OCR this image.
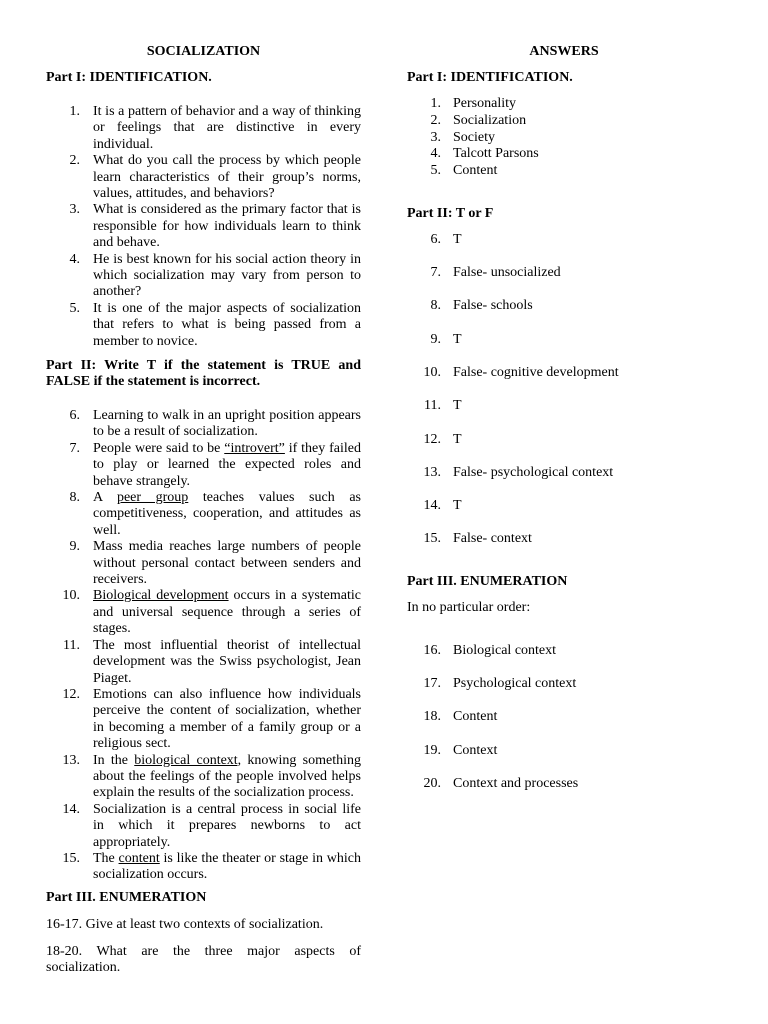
SOCIALIZATION
Part I: IDENTIFICATION.
1. It is a pattern of behavior and a way of thinking or feelings that are distinctive in every individual.
2. What do you call the process by which people learn characteristics of their group’s norms, values, attitudes, and behaviors?
3. What is considered as the primary factor that is responsible for how individuals learn to think and behave.
4. He is best known for his social action theory in which socialization may vary from person to another?
5. It is one of the major aspects of socialization that refers to what is being passed from a member to novice.
Part II: Write T if the statement is TRUE and FALSE if the statement is incorrect.
6. Learning to walk in an upright position appears to be a result of socialization.
7. People were said to be “introvert” if they failed to play or learned the expected roles and behave strangely.
8. A peer group teaches values such as competitiveness, cooperation, and attitudes as well.
9. Mass media reaches large numbers of people without personal contact between senders and receivers.
10. Biological development occurs in a systematic and universal sequence through a series of stages.
11. The most influential theorist of intellectual development was the Swiss psychologist, Jean Piaget.
12. Emotions can also influence how individuals perceive the content of socialization, whether in becoming a member of a family group or a religious sect.
13. In the biological context, knowing something about the feelings of the people involved helps explain the results of the socialization process.
14. Socialization is a central process in social life in which it prepares newborns to act appropriately.
15. The content is like the theater or stage in which socialization occurs.
Part III. ENUMERATION
16-17. Give at least two contexts of socialization.
18-20. What are the three major aspects of socialization.
ANSWERS
Part I: IDENTIFICATION.
1. Personality
2. Socialization
3. Society
4. Talcott Parsons
5. Content
Part II: T or F
6. T
7. False- unsocialized
8. False- schools
9. T
10. False- cognitive development
11. T
12. T
13. False- psychological context
14. T
15. False- context
Part III. ENUMERATION
In no particular order:
16. Biological context
17. Psychological context
18. Content
19. Context
20. Context and processes
